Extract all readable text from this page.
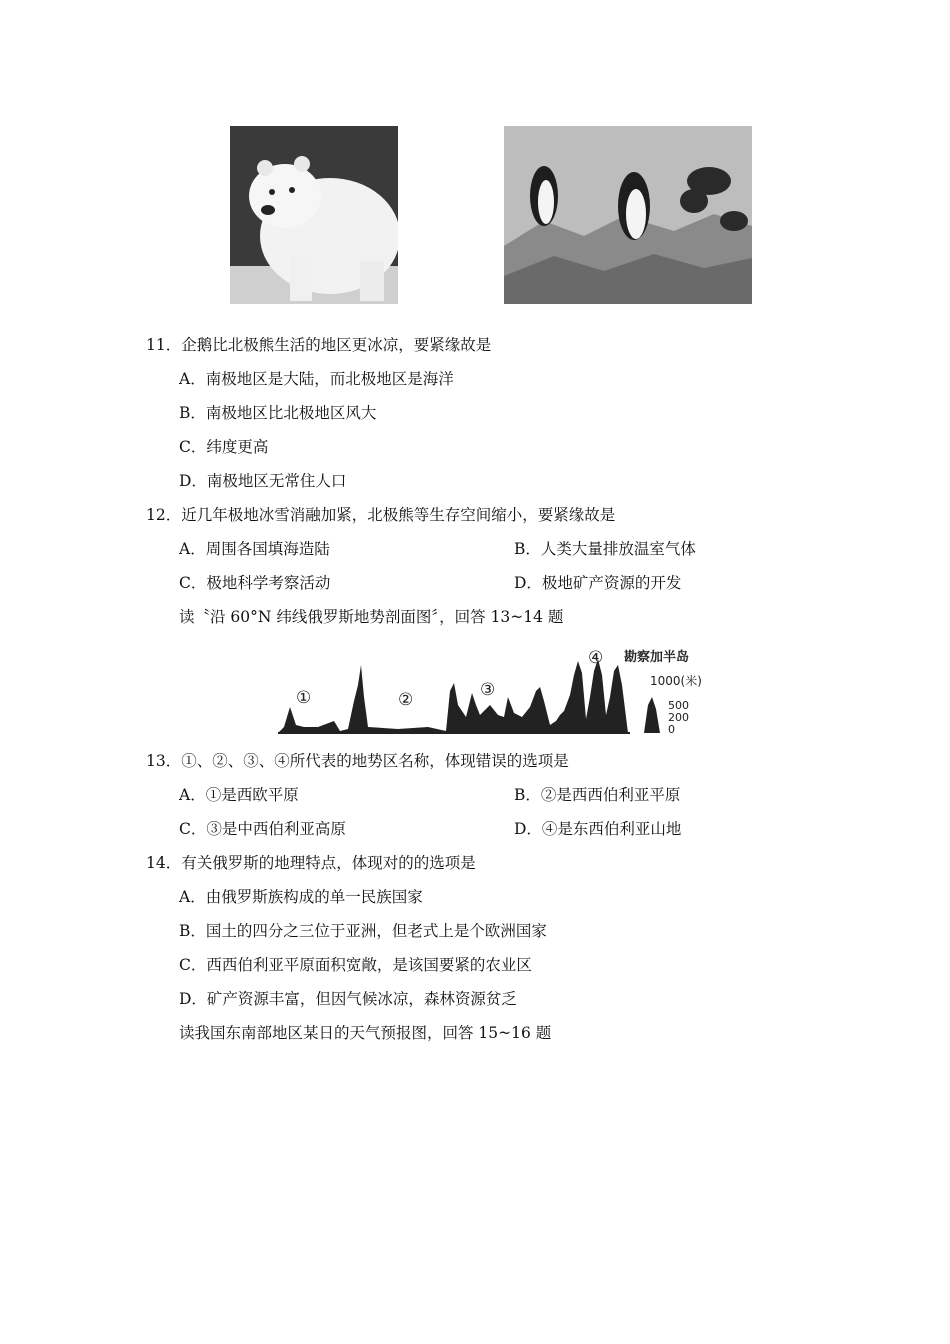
11．企鹅比北极熊生活的地区更冰凉，要紧缘故是
A．南极地区是大陆，而北极地区是海洋
B．南极地区比北极地区风大
C．纬度更高
D．南极地区无常住人口
12．近几年极地冰雪消融加紧，北极熊等生存空间缩小，要紧缘故是
A．周围各国填海造陆	B．人类大量排放温室气体
C．极地科学考察活动	D．极地矿产资源的开发
读〝沿 60°N 纬线俄罗斯地势剖面图〞，回答 13~14 题
①	②	③
④ 勘察加半岛
1000(米)
500
200
0
13．①、②、③、④所代表的地势区名称，体现错误的选项是
A．①是西欧平原	B．②是西西伯利亚平原
C．③是中西伯利亚高原	D．④是东西伯利亚山地
14．有关俄罗斯的地理特点，体现对的的选项是
A．由俄罗斯族构成的单一民族国家
B．国土的四分之三位于亚洲，但老式上是个欧洲国家
C．西西伯利亚平原面积宽敞，是该国要紧的农业区
D．矿产资源丰富，但因气候冰凉，森林资源贫乏
读我国东南部地区某日的天气预报图，回答 15~16 题
